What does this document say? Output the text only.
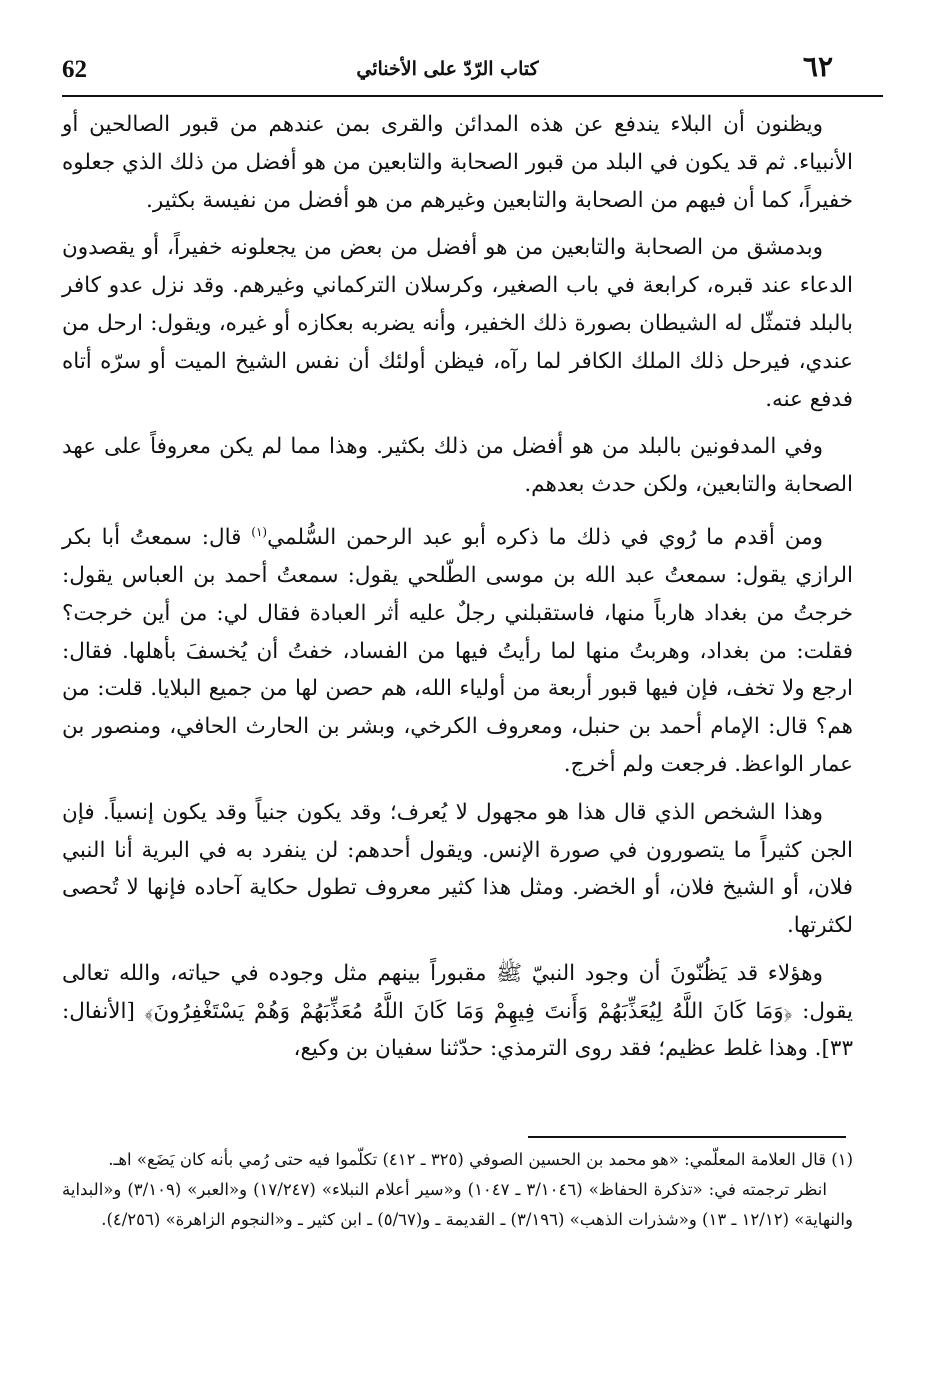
٦٢
كتاب الرّدّ على الأخنائي
62

ويظنون أن البلاء يندفع عن هذه المدائن والقرى بمن عندهم من قبور الصالحين أو الأنبياء. ثم قد يكون في البلد من قبور الصحابة والتابعين من هو أفضل من ذلك الذي جعلوه خفيراً، كما أن فيهم من الصحابة والتابعين وغيرهم من هو أفضل من نفيسة بكثير.

وبدمشق من الصحابة والتابعين من هو أفضل من بعض من يجعلونه خفيراً، أو يقصدون الدعاء عند قبره، كرابعة في باب الصغير، وكرسلان التركماني وغيرهم. وقد نزل عدو كافر بالبلد فتمثّل له الشيطان بصورة ذلك الخفير، وأنه يضربه بعكازه أو غيره، ويقول: ارحل من عندي، فيرحل ذلك الملك الكافر لما رآه، فيظن أولئك أن نفس الشيخ الميت أو سرّه أتاه فدفع عنه.

وفي المدفونين بالبلد من هو أفضل من ذلك بكثير. وهذا مما لم يكن معروفاً على عهد الصحابة والتابعين، ولكن حدث بعدهم.

ومن أقدم ما رُوي في ذلك ما ذكره أبو عبد الرحمن السُّلمي$^{(١)}$ قال: سمعتُ أبا بكر الرازي يقول: سمعتُ عبد الله بن موسى الطّلحي يقول: سمعتُ أحمد بن العباس يقول: خرجتُ من بغداد هارباً منها، فاستقبلني رجلٌ عليه أثر العبادة فقال لي: من أين خرجت؟ فقلت: من بغداد، وهربتُ منها لما رأيتُ فيها من الفساد، خفتُ أن يُخسفَ بأهلها. فقال: ارجع ولا تخف، فإن فيها قبور أربعة من أولياء الله، هم حصن لها من جميع البلايا. قلت: من هم؟ قال: الإمام أحمد بن حنبل، ومعروف الكرخي، وبشر بن الحارث الحافي، ومنصور بن عمار الواعظ. فرجعت ولم أخرج.

وهذا الشخص الذي قال هذا هو مجهول لا يُعرف؛ وقد يكون جنياً وقد يكون إنسياً. فإن الجن كثيراً ما يتصورون في صورة الإنس. ويقول أحدهم: لن ينفرد به في البرية أنا النبي فلان، أو الشيخ فلان، أو الخضر. ومثل هذا كثير معروف تطول حكاية آحاده فإنها لا تُحصى لكثرتها.

وهؤلاء قد يَظُنّونَ أن وجود النبيّ ﷺ مقبوراً بينهم مثل وجوده في حياته، والله تعالى يقول: ﴿وَمَا كَانَ اللَّهُ لِيُعَذِّبَهُمْ وَأَنتَ فِيهِمْ وَمَا كَانَ اللَّهُ مُعَذِّبَهُمْ وَهُمْ يَسْتَغْفِرُونَ﴾ [الأنفال: ٣٣]. وهذا غلط عظيم؛ فقد روى الترمذي: حدّثنا سفيان بن وكيع،

(١) قال العلامة المعلّمي: «هو محمد بن الحسين الصوفي (٣٢٥ ـ ٤١٢) تكلّموا فيه حتى رُمي بأنه كان يَضَع» اهـ.

انظر ترجمته في: «تذكرة الحفاظ» (٣/١٠٤٦ ـ ١٠٤٧) و«سير أعلام النبلاء» (١٧/٢٤٧) و«العبر» (٣/١٠٩) و«البداية والنهاية» (١٢/١٢ ـ ١٣) و«شذرات الذهب» (٣/١٩٦) ـ القديمة ـ و(٥/٦٧) ـ ابن كثير ـ و«النجوم الزاهرة» (٤/٢٥٦).
